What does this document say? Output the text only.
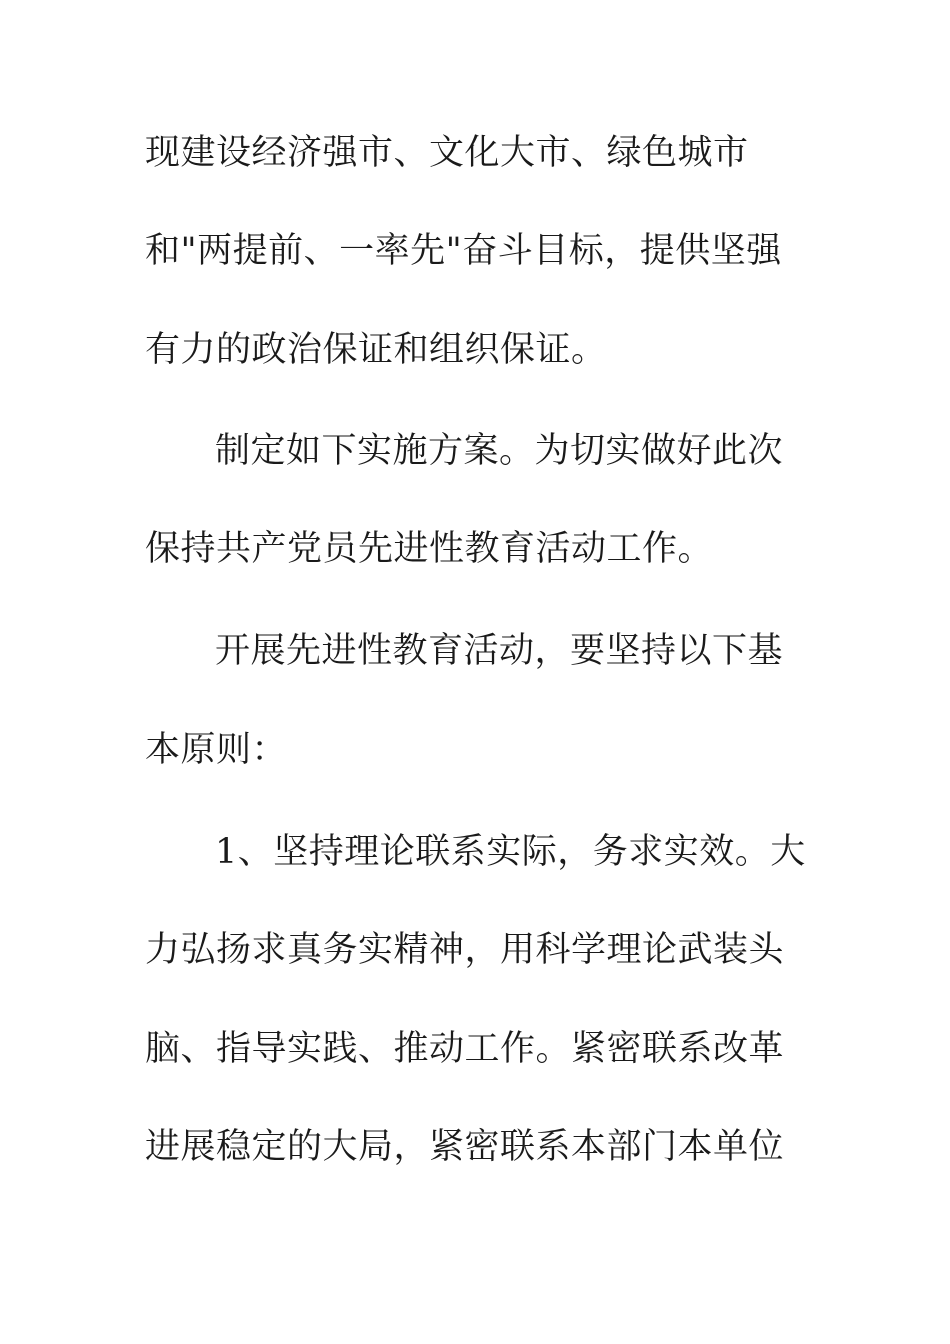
现建设经济强市、文化大市、绿色城市
和"两提前、一率先"奋斗目标，提供坚强
有力的政治保证和组织保证。
制定如下实施方案。为切实做好此次
保持共产党员先进性教育活动工作。
开展先进性教育活动，要坚持以下基
本原则：
1、坚持理论联系实际，务求实效。大
力弘扬求真务实精神，用科学理论武装头
脑、指导实践、推动工作。紧密联系改革
进展稳定的大局，紧密联系本部门本单位
